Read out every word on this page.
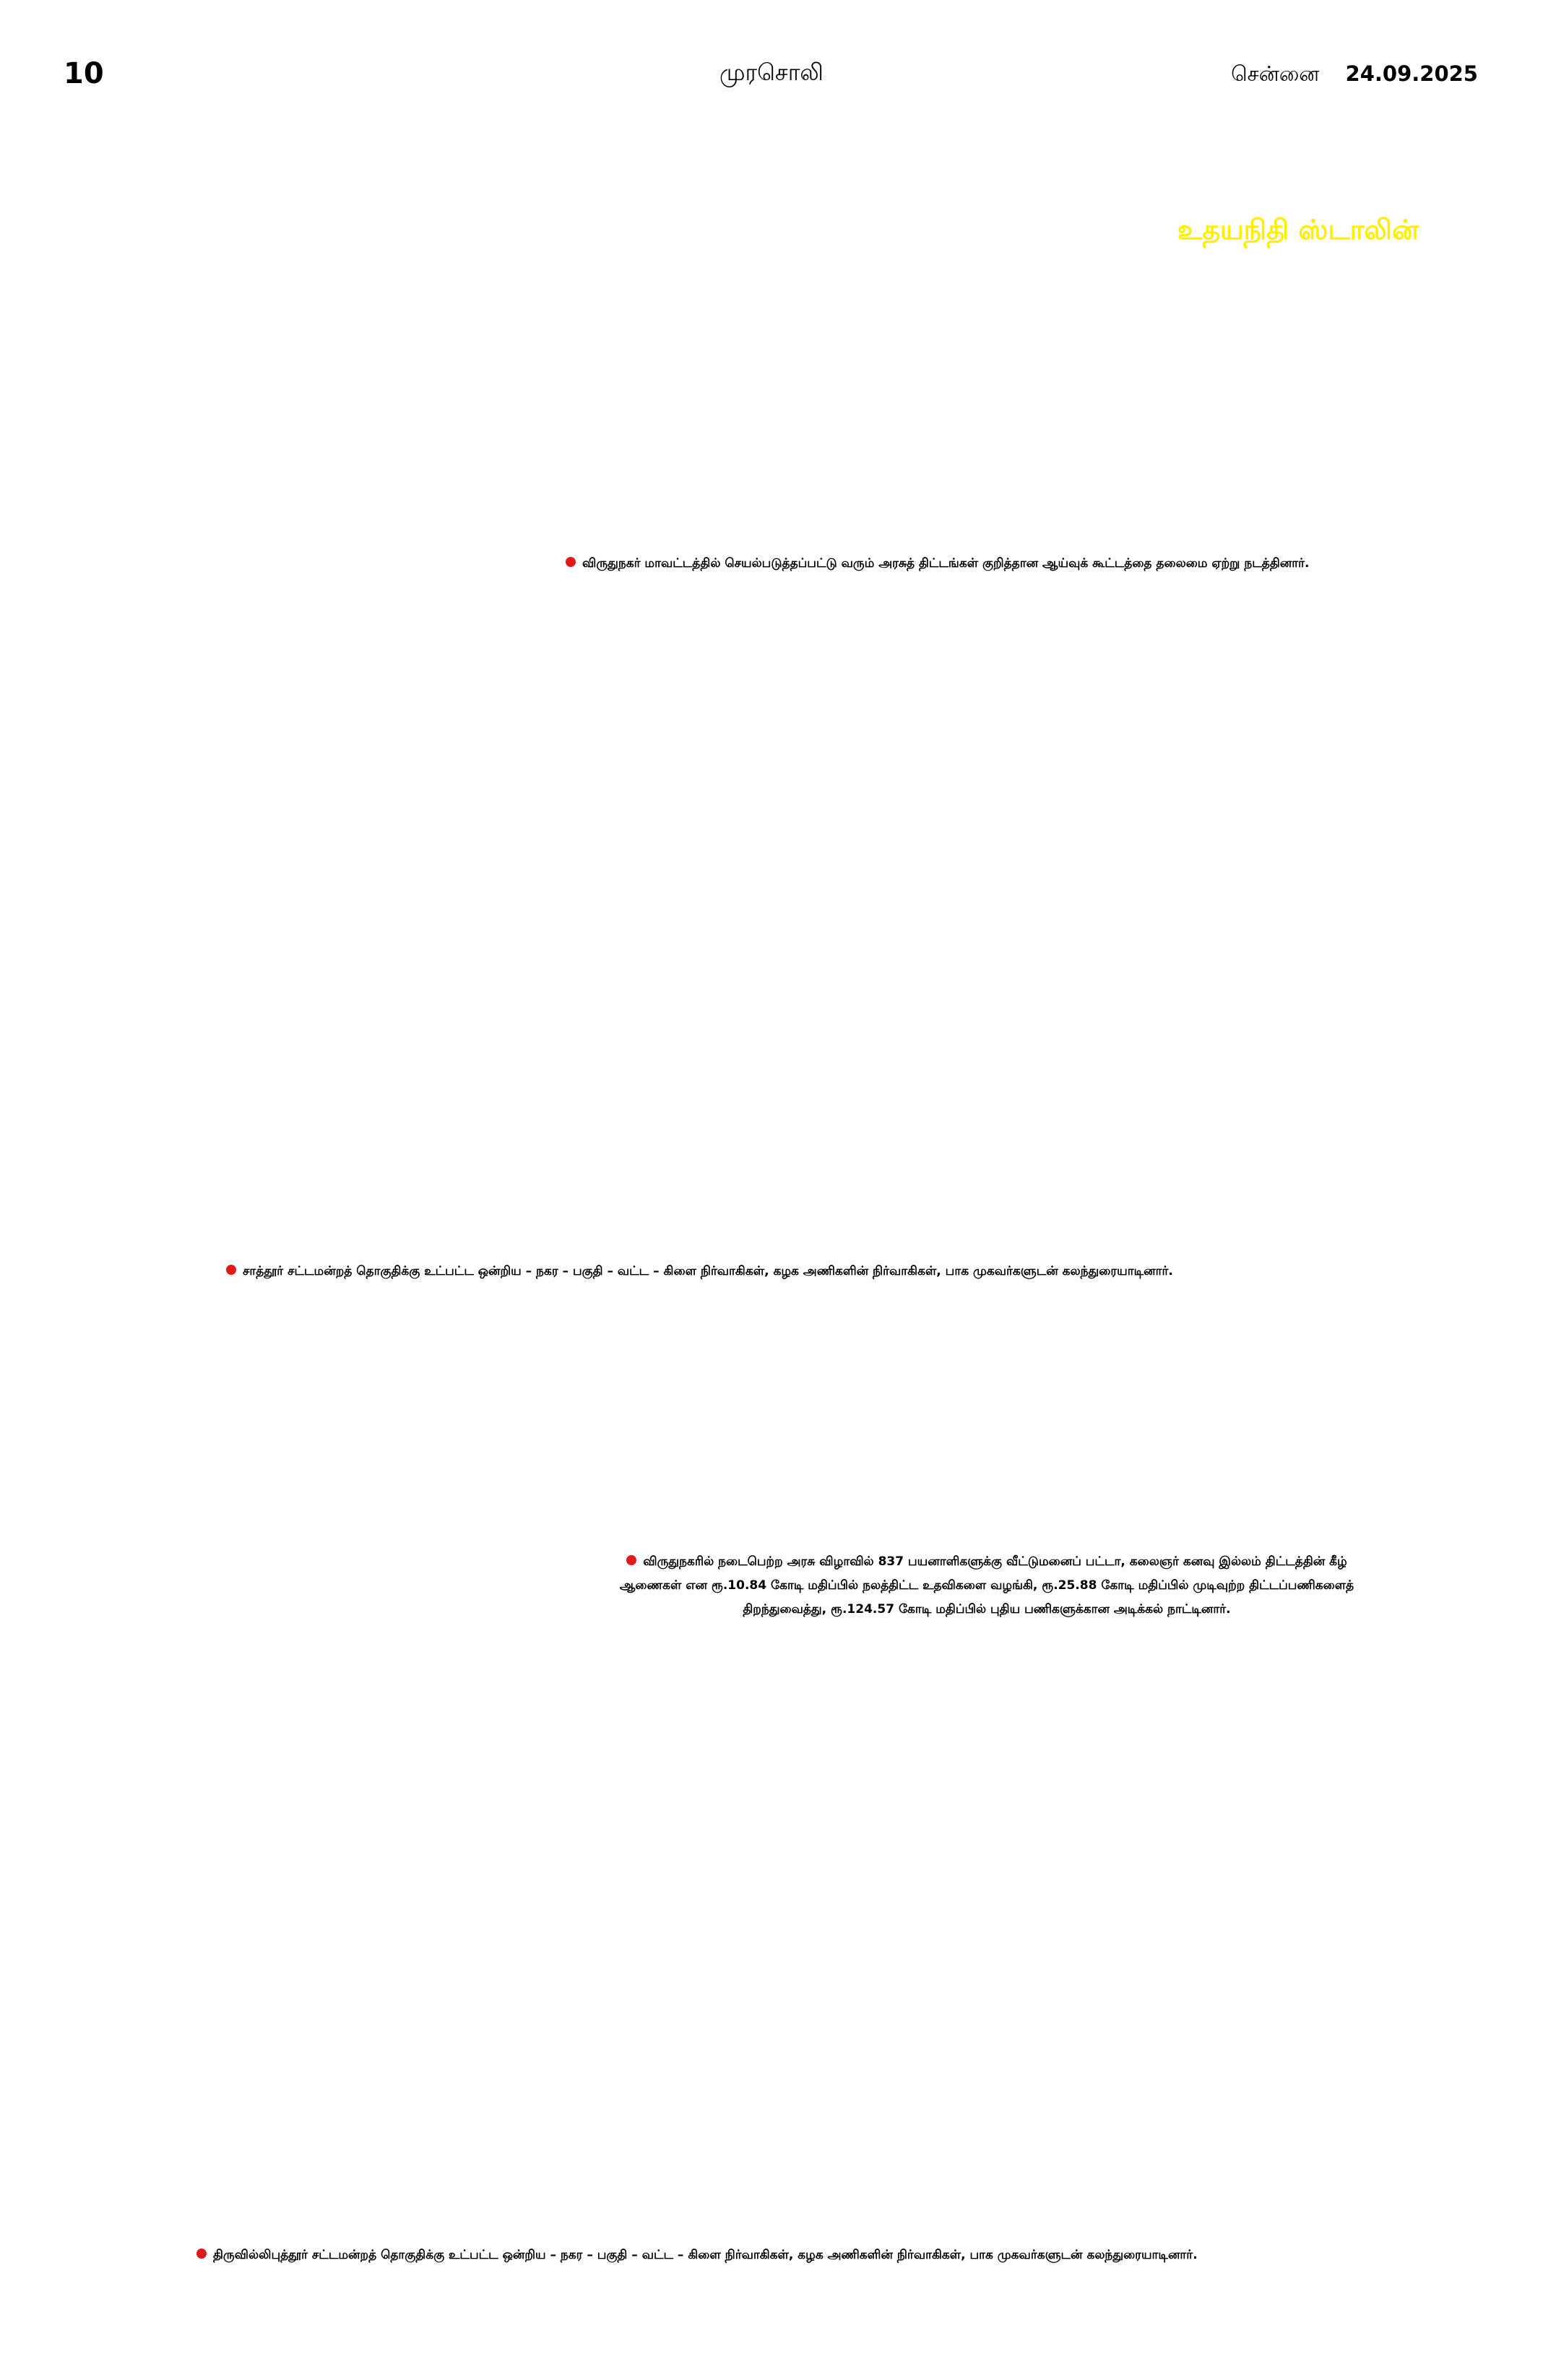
10	முரசொலி	சென்னை 24.09.2025
உதயநிதி ஸ்டாலின்
விருதுநகர் மாவட்டத்தில் செயல்படுத்தப்பட்டு வரும் அரசுத் திட்டங்கள் குறித்தான ஆய்வுக் கூட்டத்தை தலைமை ஏற்று நடத்தினார்.
சாத்தூர் சட்டமன்றத் தொகுதிக்கு உட்பட்ட ஒன்றிய – நகர – பகுதி – வட்ட – கிளை நிர்வாகிகள், கழக அணிகளின் நிர்வாகிகள், பாக முகவர்களுடன் கலந்துரையாடினார்.
விருதுநகரில் நடைபெற்ற அரசு விழாவில் 837 பயனாளிகளுக்கு வீட்டுமனைப் பட்டா, கலைஞர் கனவு இல்லம் திட்டத்தின் கீழ்
ஆணைகள் என ரூ.10.84 கோடி மதிப்பில் நலத்திட்ட உதவிகளை வழங்கி, ரூ.25.88 கோடி மதிப்பில் முடிவுற்ற திட்டப்பணிகளைத்
திறந்துவைத்து, ரூ.124.57 கோடி மதிப்பில் புதிய பணிகளுக்கான அடிக்கல் நாட்டினார்.
திருவில்லிபுத்தூர் சட்டமன்றத் தொகுதிக்கு உட்பட்ட ஒன்றிய – நகர – பகுதி – வட்ட – கிளை நிர்வாகிகள், கழக அணிகளின் நிர்வாகிகள், பாக முகவர்களுடன் கலந்துரையாடினார்.
